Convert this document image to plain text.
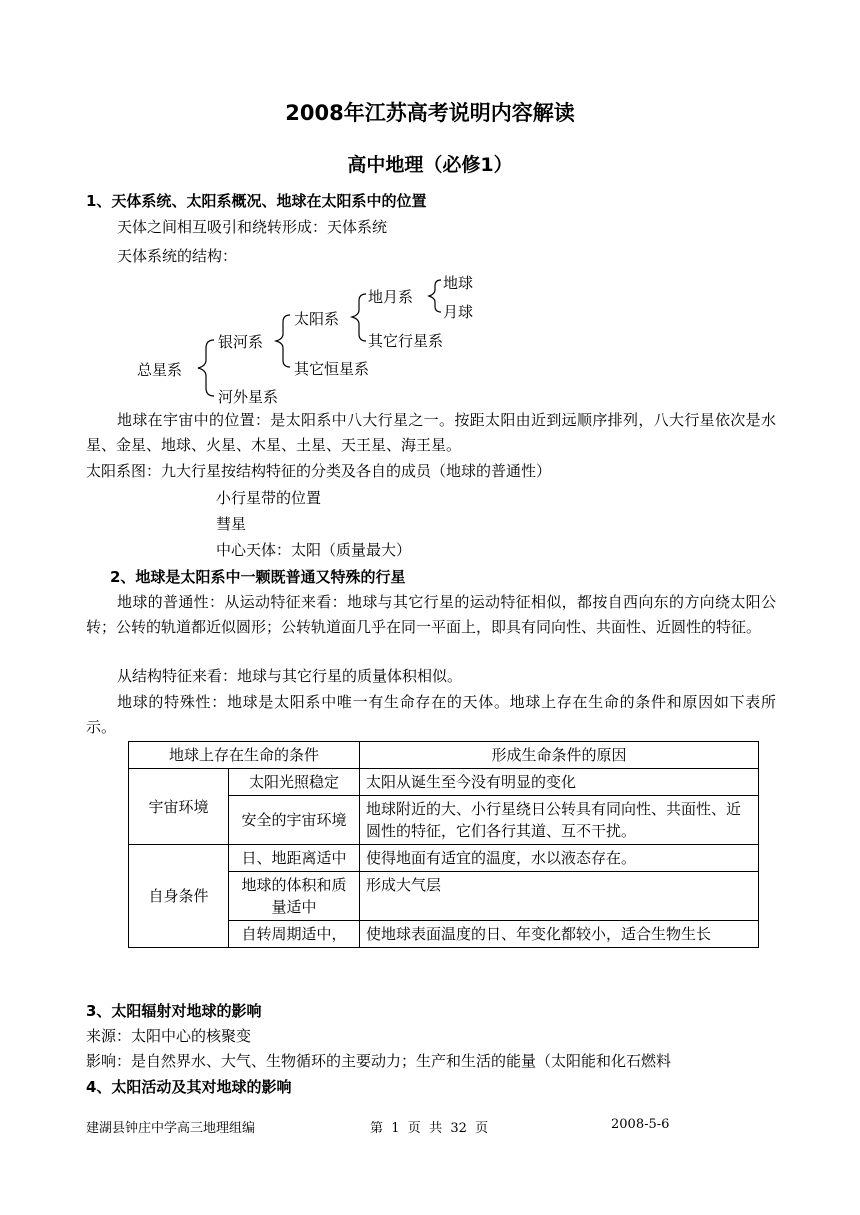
2008年江苏高考说明内容解读
高中地理（必修1）
1、天体系统、太阳系概况、地球在太阳系中的位置
天体之间相互吸引和绕转形成：天体系统
天体系统的结构：
总星系
银河系
河外星系
太阳系
其它恒星系
地月系
其它行星系
地球
月球
地球在宇宙中的位置：是太阳系中八大行星之一。按距太阳由近到远顺序排列，八大行星依次是水星、金星、地球、火星、木星、土星、天王星、海王星。
太阳系图：九大行星按结构特征的分类及各自的成员（地球的普通性）
小行星带的位置
彗星
中心天体：太阳（质量最大）
2、地球是太阳系中一颗既普通又特殊的行星
地球的普通性：从运动特征来看：地球与其它行星的运动特征相似，都按自西向东的方向绕太阳公转；公转的轨道都近似圆形；公转轨道面几乎在同一平面上，即具有同向性、共面性、近圆性的特征。
从结构特征来看：地球与其它行星的质量体积相似。
地球的特殊性：地球是太阳系中唯一有生命存在的天体。地球上存在生命的条件和原因如下表所示。
地球上存在生命的条件		形成生命条件的原因
宇宙环境	太阳光照稳定	太阳从诞生至今没有明显的变化
	安全的宇宙环境	地球附近的大、小行星绕日公转具有同向性、共面性、近圆性的特征，它们各行其道、互不干扰。
自身条件	日、地距离适中	使得地面有适宜的温度，水以液态存在。
	地球的体积和质量适中	形成大气层
	自转周期适中，	使地球表面温度的日、年变化都较小，适合生物生长
3、太阳辐射对地球的影响
来源：太阳中心的核聚变
影响：是自然界水、大气、生物循环的主要动力；生产和生活的能量（太阳能和化石燃料
4、太阳活动及其对地球的影响
建湖县钟庄中学高三地理组编	第  1  页  共  32  页	2008-5-6
